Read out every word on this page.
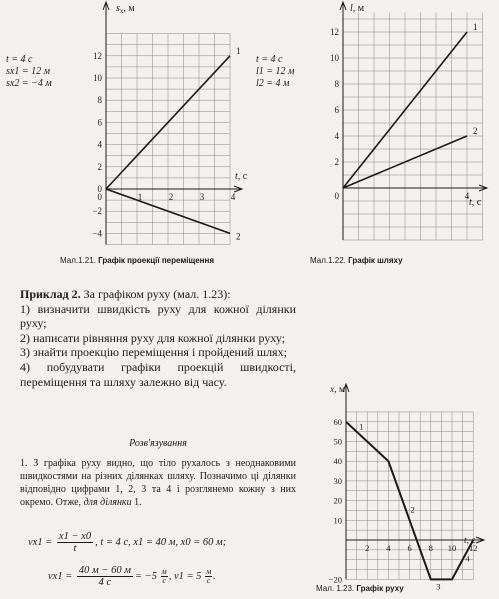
t = 4 с
sx1 = 12 м
sx2 = −4 м
−4
−2
0
2
4
6
8
10
12
1	2	3	4
0
$s_x$, м
t, с
1
2
Мал.1.21. Графік проекції переміщення
t = 4 с
l1 = 12 м
l2 = 4 м
2
4
6
8
10
12
4
0
l, м
t, с
1
2
Мал.1.22. Графік шляху

Приклад 2. За графіком руху (мал. 1.23):

1) визначити швидкість руху для кожної ділянки руху;

2) написати рівняння руху для кожної ділянки руху;

3) знайти проекцію переміщення і пройдений шлях;

4) побудувати графіки проекцій швидкості, переміщення та шляху залежно від часу.

Розв'язування

1. З графіка руху видно, що тіло рухалось з неоднаковими швидкостями на різних ділянках шляху. Позначимо ці ділянки відповідно цифрами 1, 2, 3 та 4 і розглянемо кожну з них окремо. Отже, для ділянки 1.

$vx1 = \frac{x1 - x0}{t}$ , t = 4 с, x1 = 40 м, x0 = 60 м;
$vx1 = \frac{40 м - 60 м}{4 с} = -5 \frac{м}{с}$ , $v1 = 5 \frac{м}{с}$ .	−20
10
20
30
40
50
60
2 4 6 8 10 12
x, м
t, с
1
2
3
4
Мал. 1.23. Графік руху
